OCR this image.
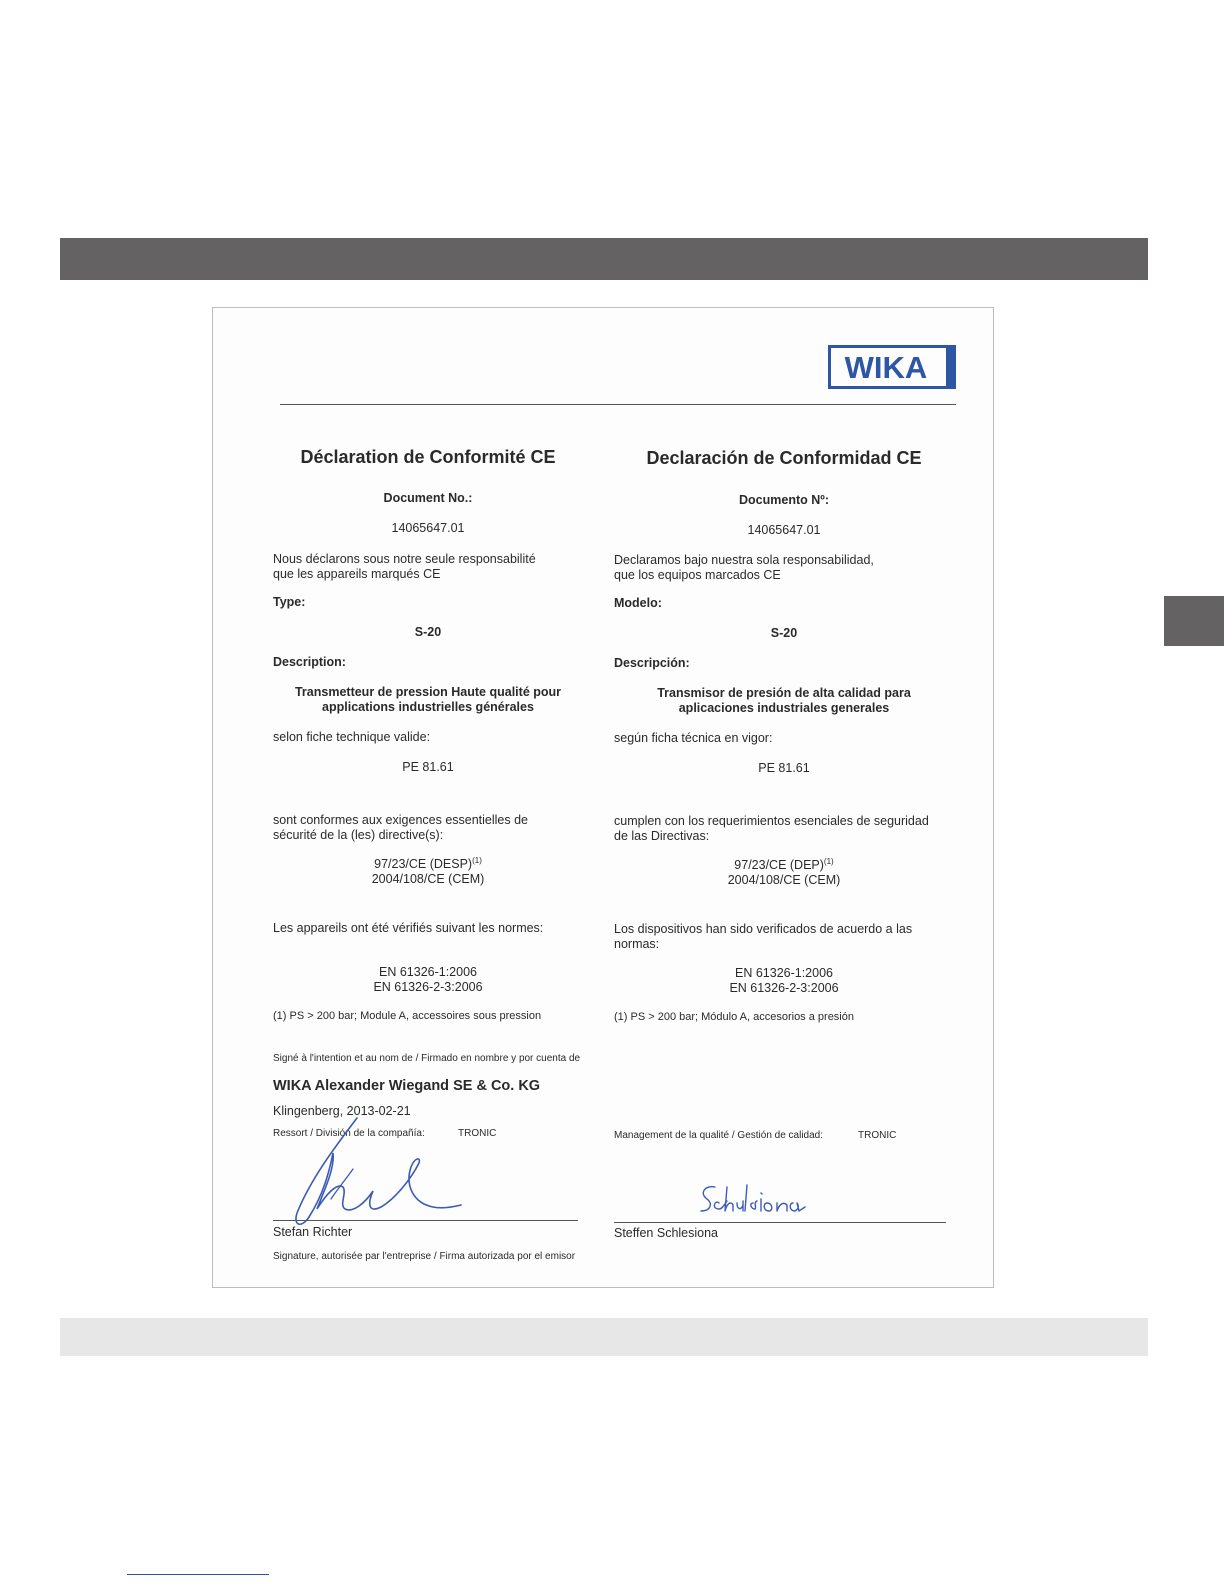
WIKA
Déclaration de Conformité CE
Document No.:
14065647.01
Nous déclarons sous notre seule responsabilité
que les appareils marqués CE
Type:
S-20
Description:
Transmetteur de pression Haute qualité pour
applications industrielles générales
selon fiche technique valide:
PE 81.61
sont conformes aux exigences essentielles de
sécurité de la (les) directive(s):
97/23/CE (DESP)$^{(1)}$
2004/108/CE (CEM)
Les appareils ont été vérifiés suivant les normes:
EN 61326-1:2006
EN 61326-2-3:2006
(1) PS > 200 bar; Module A, accessoires sous pression
Signé à l'intention et au nom de / Firmado en nombre y por cuenta de
WIKA Alexander Wiegand SE & Co. KG
Klingenberg, 2013-02-21
Ressort / División de la compañía:	TRONIC
Stefan Richter
Signature, autorisée par l'entreprise / Firma autorizada por el emisor
Declaración de Conformidad CE
Documento Nº:
14065647.01
Declaramos bajo nuestra sola responsabilidad,
que los equipos marcados CE
Modelo:
S-20
Descripción:
Transmisor de presión de alta calidad para
aplicaciones industriales generales
según ficha técnica en vigor:
PE 81.61
cumplen con los requerimientos esenciales de seguridad
de las Directivas:
97/23/CE (DEP)$^{(1)}$
2004/108/CE (CEM)
Los dispositivos han sido verificados de acuerdo a las
normas:
EN 61326-1:2006
EN 61326-2-3:2006
(1) PS > 200 bar; Módulo A, accesorios a presión
Management de la qualité / Gestión de calidad:	TRONIC
Steffen Schlesiona
